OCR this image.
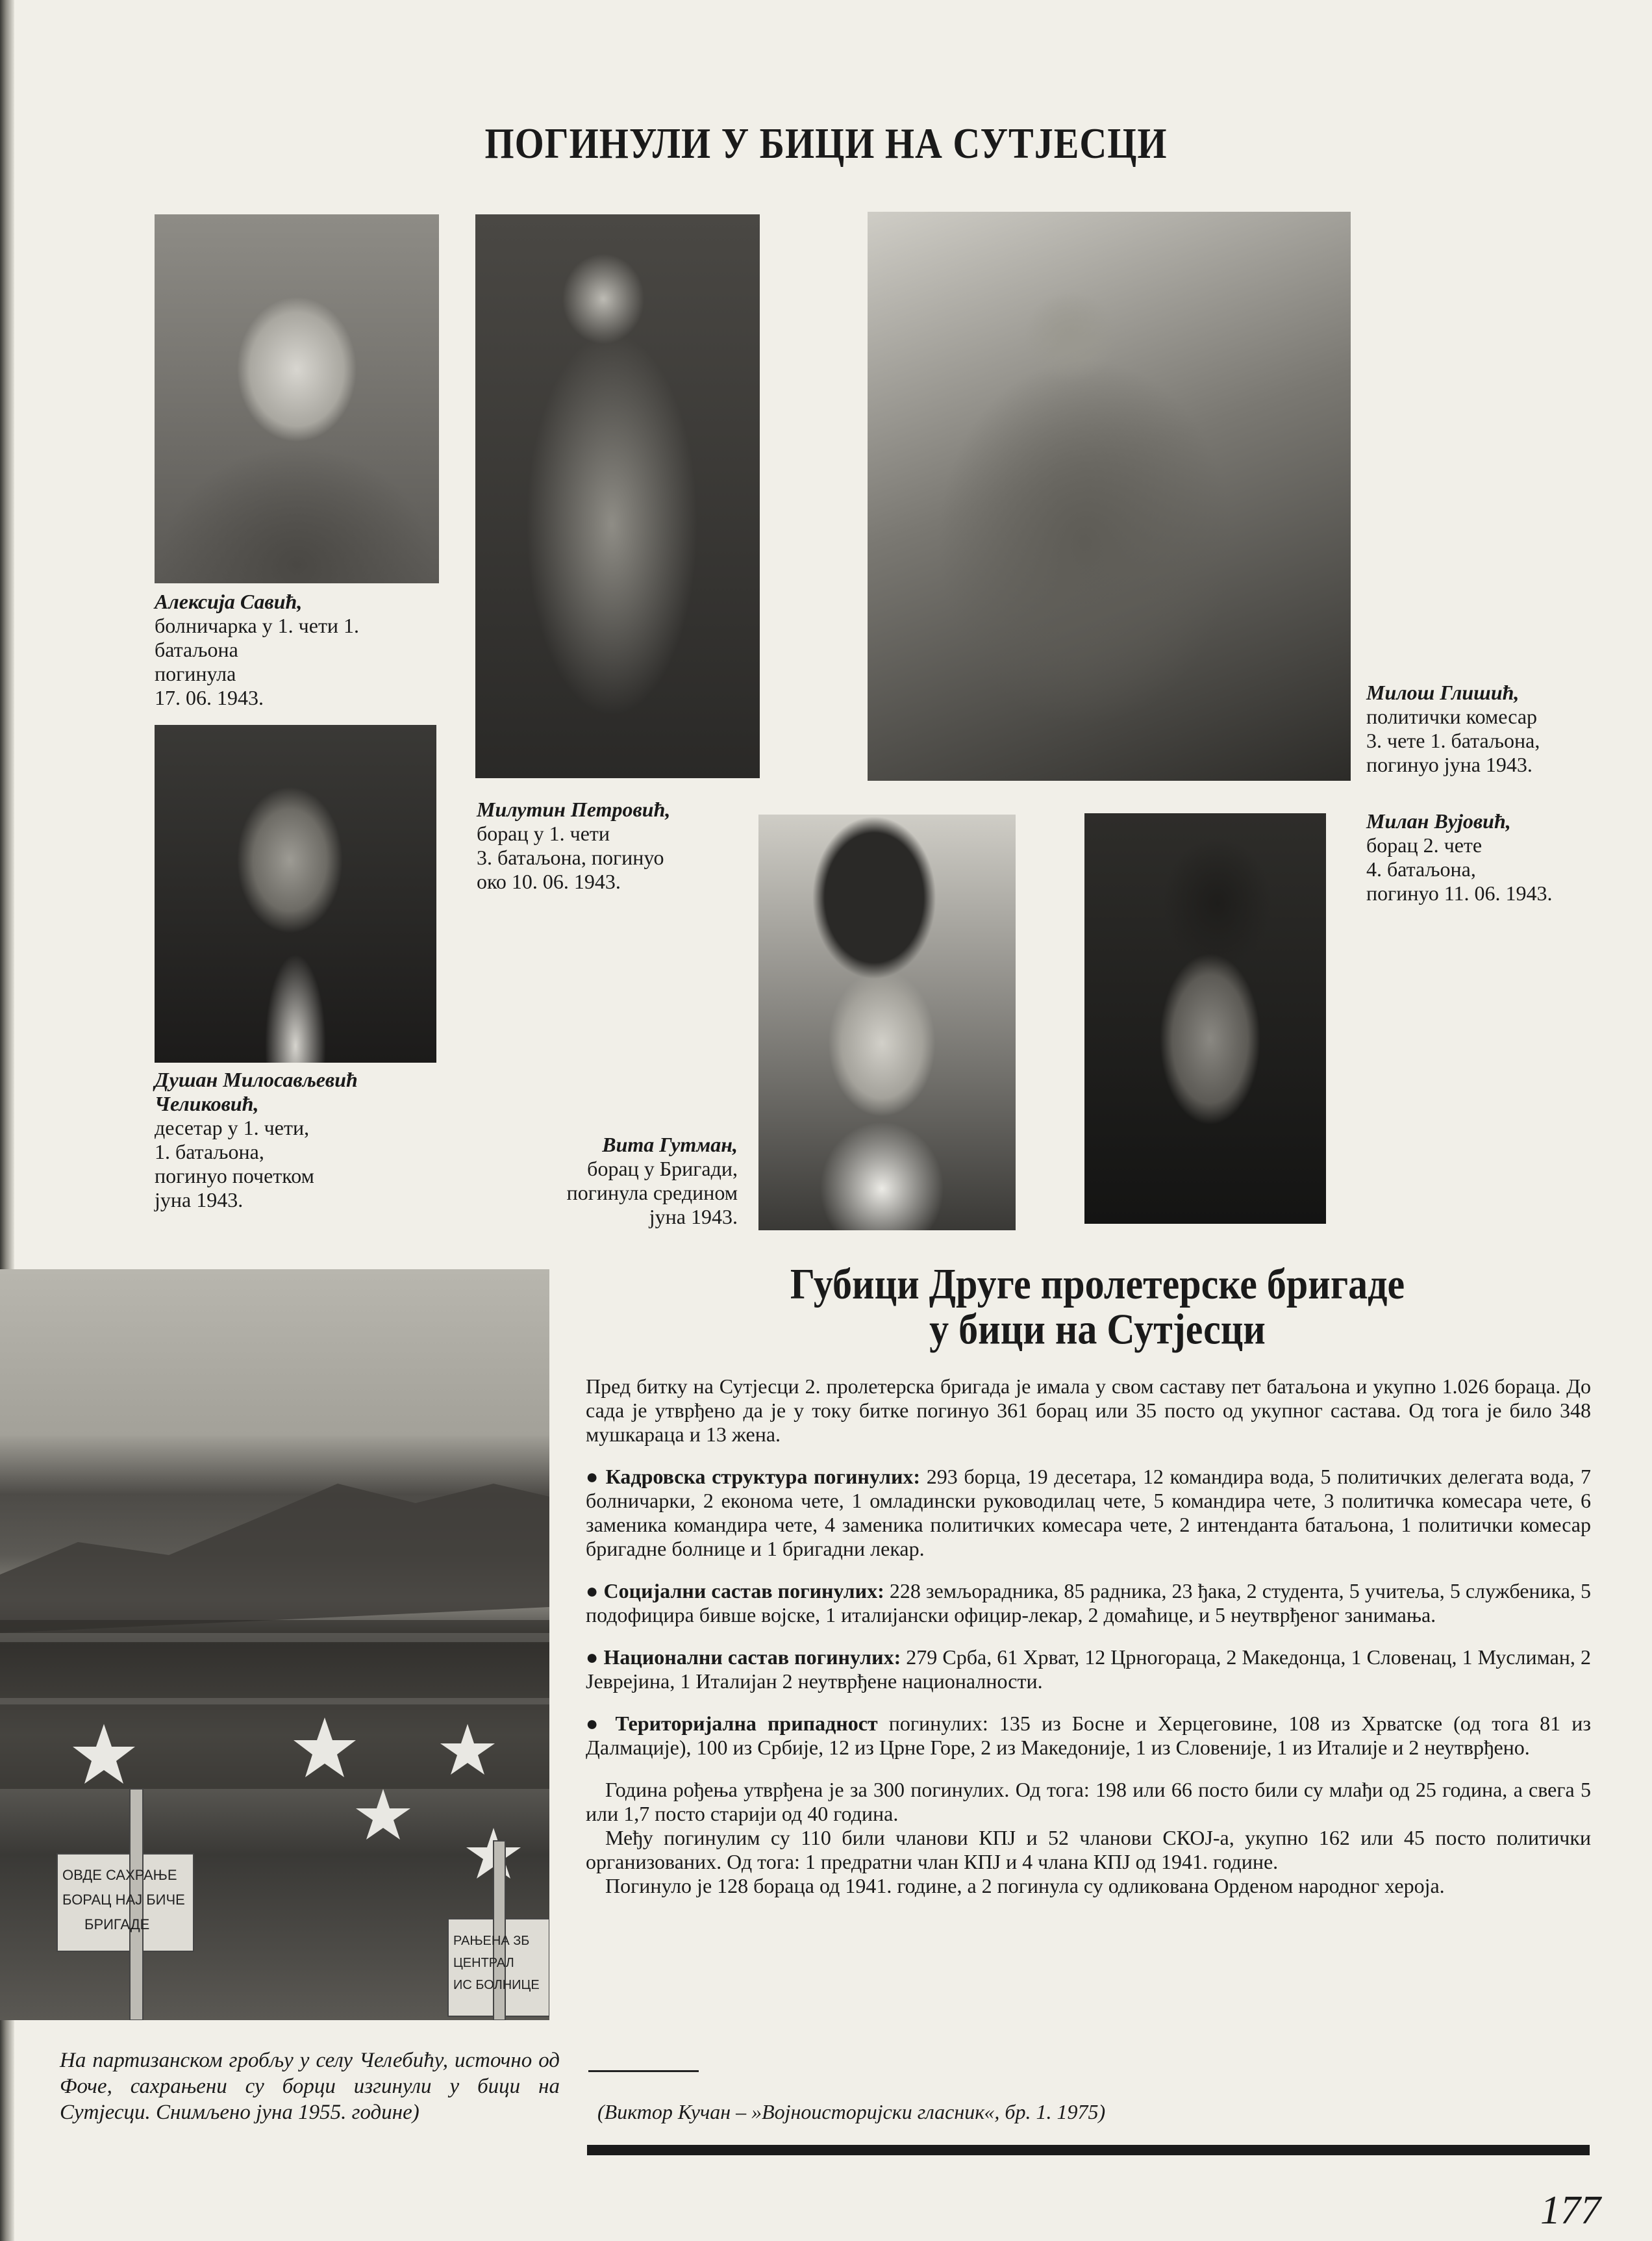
ПОГИНУЛИ У БИЦИ НА СУТЈЕСЦИ
ОВДЕ САХРАЊЕ
БОРАЦ НАЈ БИЧЕ
БРИГАДЕ
РАЊЕНА ЗБ
ЦЕНТРАЛ
ИС БОЛНИЦЕ
Алексија Савић,
болничарка у 1. чети 1.
батаљона
погинула
17. 06. 1943.
Милутин Петровић,
борац у 1. чети
3. батаљона, погинуо
око 10. 06. 1943.
Милош Глишић,
политички комесар
3. чете 1. батаљона,
погинуо јуна 1943.
Милан Вујовић,
борац 2. чете
4. батаљона,
погинуо 11. 06. 1943.
Душан Милосављевић
Челиковић,
десетар у 1. чети,
1. батаљона,
погинуо почетком
јуна 1943.
Вита Гутман,
борац у Бригади,
погинула средином
јуна 1943.
Губици Друге пролетерске бригаде
у бици на Сутјесци

Пред битку на Сутјесци 2. пролетерска бригада је имала у свом саставу пет батаљона и укупно 1.026 бораца. До сада је утврђено да је у току битке погинуо 361 борац или 35 посто од укупног састава. Од тога је било 348 мушкараца и 13 жена.

● Кадровска структура погинулих: 293 борца, 19 десетара, 12 командира вода, 5 политичких делегата вода, 7 болничарки, 2 економа чете, 1 омладински руководилац чете, 5 командира чете, 3 политичка комесара чете, 6 заменика командира чете, 4 заменика политичких комесара чете, 2 интенданта батаљона, 1 политички комесар бригадне болнице и 1 бригадни лекар.

● Социјални састав погинулих: 228 земљорадника, 85 радника, 23 ђака, 2 студента, 5 учитеља, 5 службеника, 5 подофицира бивше војске, 1 италијански официр-лекар, 2 домаћице, и 5 неутврђеног занимања.

● Национални састав погинулих: 279 Срба, 61 Хрват, 12 Црногораца, 2 Македонца, 1 Словенац, 1 Муслиман, 2 Јеврејина, 1 Италијан 2 неутврђене националности.

● Територијална припадност погинулих: 135 из Босне и Херцеговине, 108 из Хрватске (од тога 81 из Далмације), 100 из Србије, 12 из Црне Горе, 2 из Македоније, 1 из Словеније, 1 из Италије и 2 неутврђено.

Година рођења утврђена је за 300 погинулих. Од тога: 198 или 66 посто били су млађи од 25 година, а свега 5 или 1,7 посто старији од 40 година.

Међу погинулим су 110 били чланови КПЈ и 52 чланови СКОЈ-а, укупно 162 или 45 посто политички организованих. Од тога: 1 предратни члан КПЈ и 4 члана КПЈ од 1941. године.

Погинуло је 128 бораца од 1941. године, а 2 погинула су одликована Орденом народног хероја.

(Виктор Кучан – »Војноисторијски гласник«, бр. 1. 1975)
На партизанском гробљу у селу Челебићу, источно од Фоче, сахрањени су борци изгинули у бици на Сутјесци. Снимљено јуна 1955. године)
177
